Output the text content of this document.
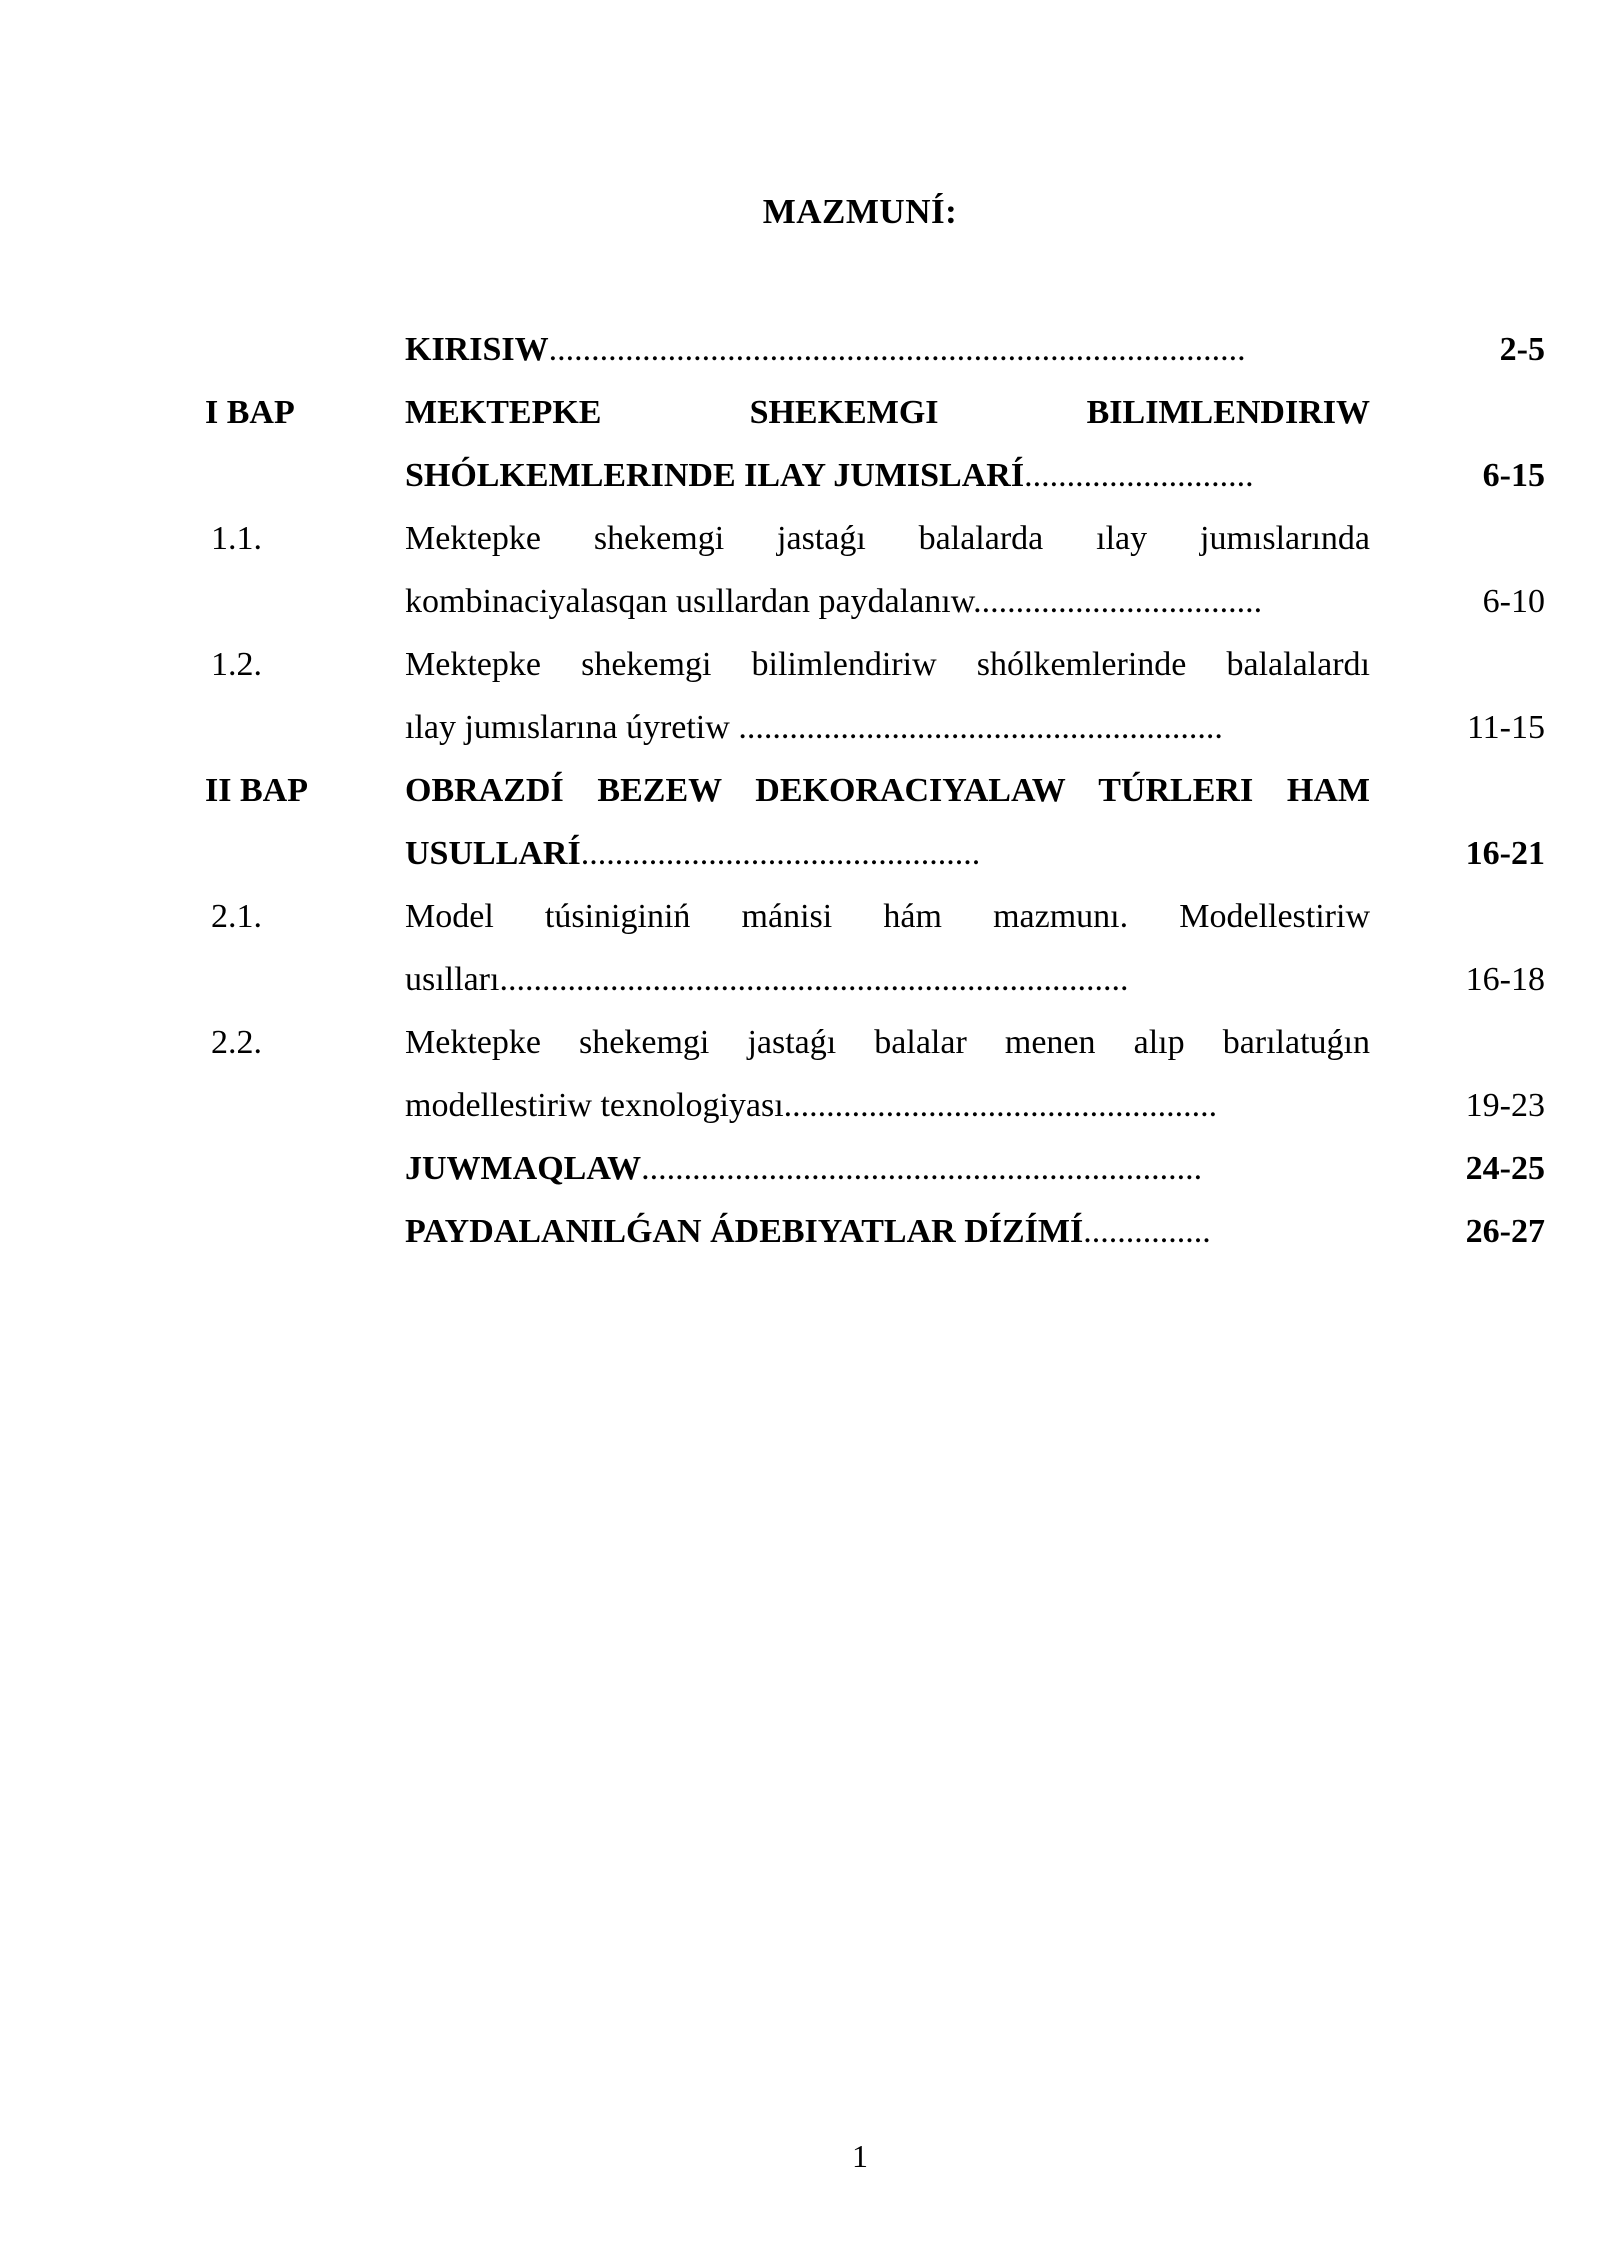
MAZMUNÍ:
KIRISIW..................................................................................	2-5
I BAP	MEKTEPKE SHEKEMGI BILIMLENDIRIW
SHÓLKEMLERINDE ILAY JUMISLARÍ...........................	6-15
1.1.	Mektepke shekemgi jastaǵı balalarda ılay jumıslarında
kombinaciyalasqan usıllardan paydalanıw..................................	6-10
1.2.	Mektepke shekemgi bilimlendiriw shólkemlerinde balalalardı
ılay jumıslarına úyretiw .........................................................	11-15
II BAP	OBRAZDÍ BEZEW DEKORACIYALAW TÚRLERI HAM
USULLARÍ...............................................	16-21
2.1.	Model túsiniginiń mánisi hám mazmunı. Modellestiriw
usılları..........................................................................	16-18
2.2.	Mektepke shekemgi jastaǵı balalar menen alıp barılatuǵın
modellestiriw texnologiyası...................................................	19-23
JUWMAQLAW..................................................................	24-25
PAYDALANILǴAN ÁDEBIYATLAR DÍZÍMÍ...............	26-27
1
